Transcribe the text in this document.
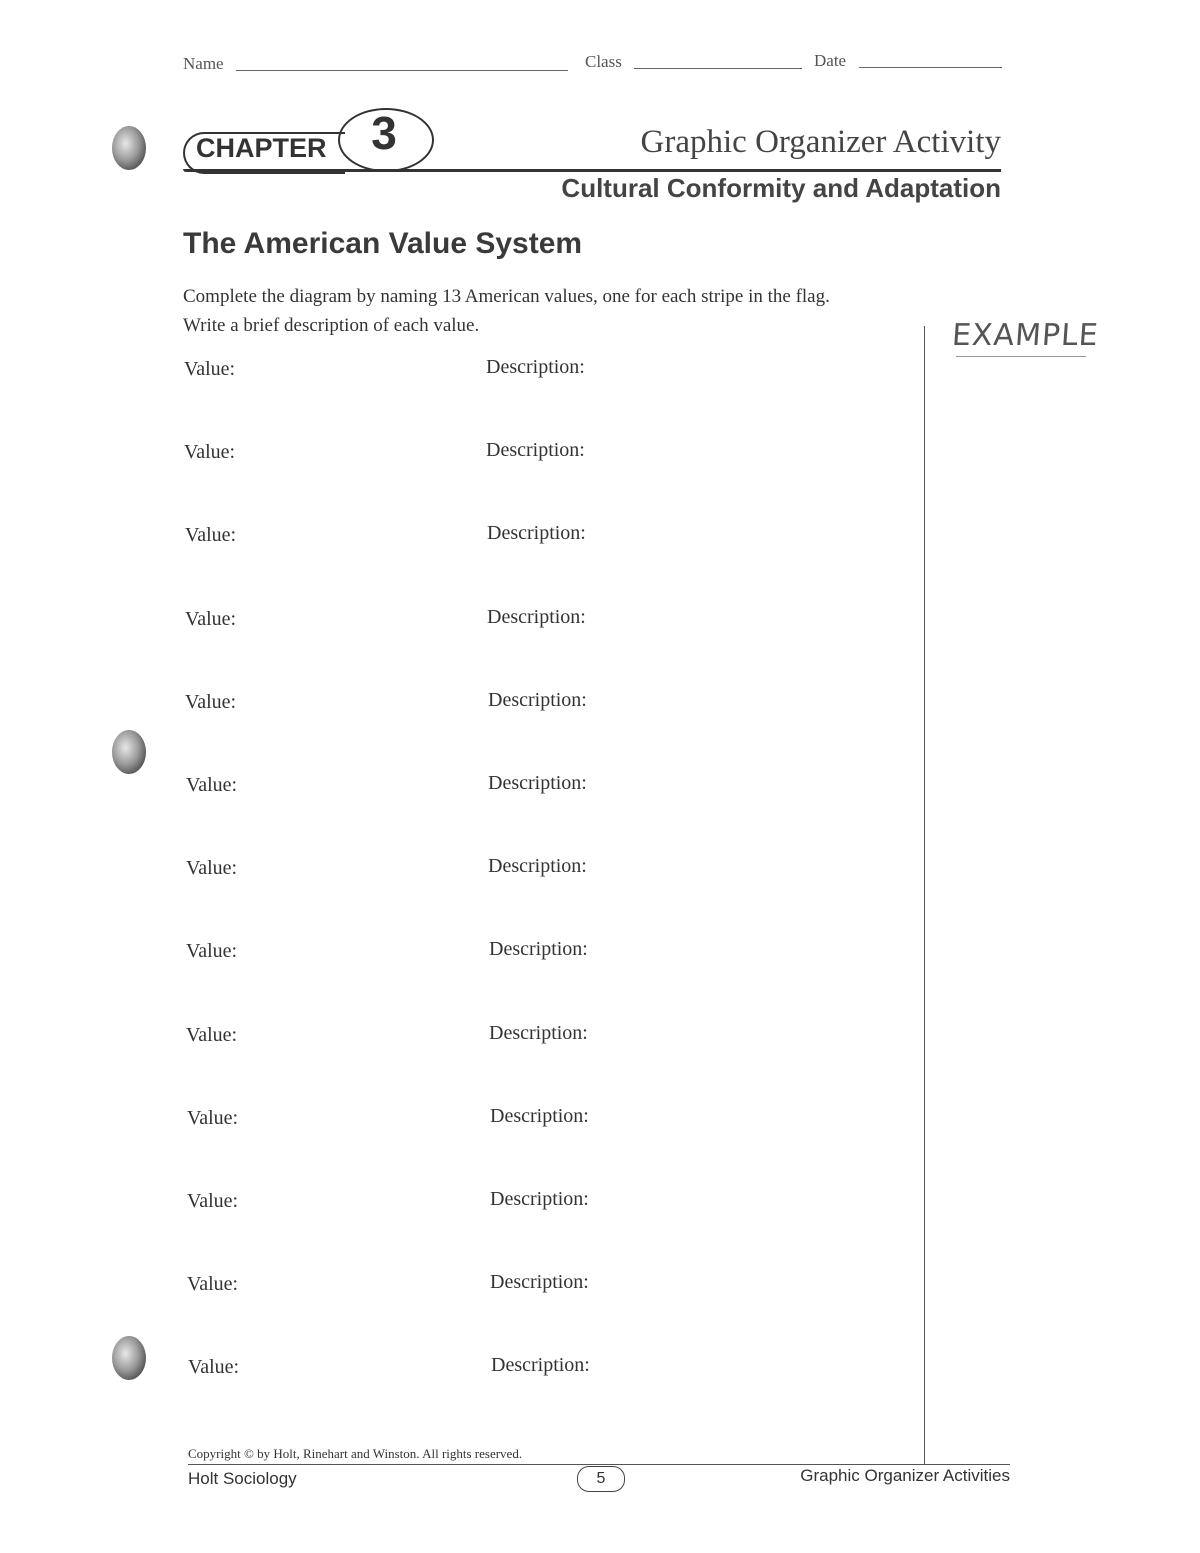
Name	Class	Date
CHAPTER 3	Graphic Organizer Activity
Cultural Conformity and Adaptation
The American Value System
Complete the diagram by naming 13 American values, one for each stripe in the flag.
Write a brief description of each value.	EXAMPLE
Value:	Description:
Value:	Description:
Value:	Description:
Value:	Description:
Value:	Description:
Value:	Description:
Value:	Description:
Value:	Description:
Value:	Description:
Value:	Description:
Value:	Description:
Value:	Description:
Value:	Description:
Copyright © by Holt, Rinehart and Winston. All rights reserved.
Holt Sociology	5	Graphic Organizer Activities
